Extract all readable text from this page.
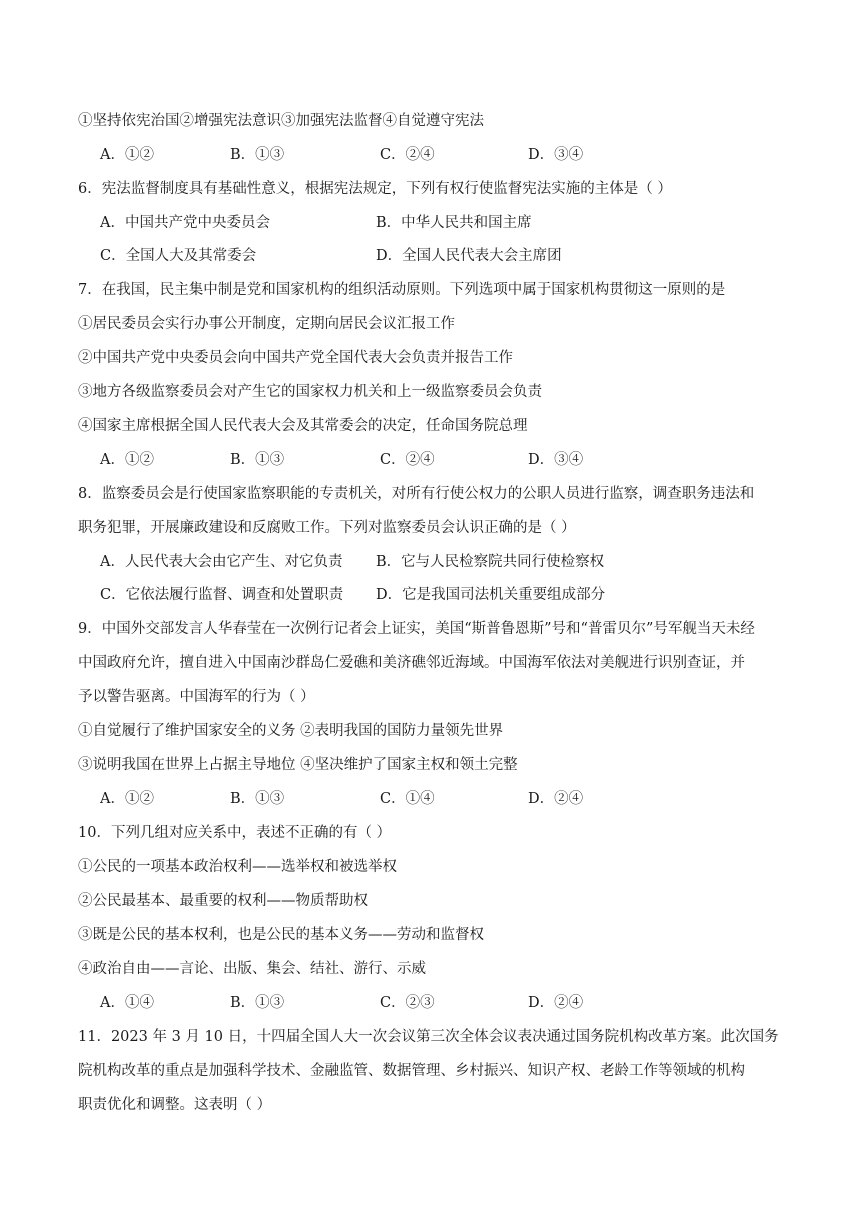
①坚持依宪治国②增强宪法意识③加强宪法监督④自觉遵守宪法
A．①②	B．①③	C．②④	D．③④
6．宪法监督制度具有基础性意义，根据宪法规定，下列有权行使监督宪法实施的主体是（ ）
A．中国共产党中央委员会	B．中华人民共和国主席
C．全国人大及其常委会	D．全国人民代表大会主席团
7．在我国，民主集中制是党和国家机构的组织活动原则。下列选项中属于国家机构贯彻这一原则的是
①居民委员会实行办事公开制度，定期向居民会议汇报工作
②中国共产党中央委员会向中国共产党全国代表大会负责并报告工作
③地方各级监察委员会对产生它的国家权力机关和上一级监察委员会负责
④国家主席根据全国人民代表大会及其常委会的决定，任命国务院总理
A．①②	B．①③	C．②④	D．③④
8．监察委员会是行使国家监察职能的专责机关，对所有行使公权力的公职人员进行监察，调查职务违法和
职务犯罪，开展廉政建设和反腐败工作。下列对监察委员会认识正确的是（ ）
A．人民代表大会由它产生、对它负责 B．它与人民检察院共同行使检察权
C．它依法履行监督、调查和处置职责 D．它是我国司法机关重要组成部分
9．中国外交部发言人华春莹在一次例行记者会上证实，美国“斯普鲁恩斯”号和“普雷贝尔”号军舰当天未经
中国政府允许，擅自进入中国南沙群岛仁爱礁和美济礁邻近海域。中国海军依法对美舰进行识别查证，并
予以警告驱离。中国海军的行为（ ）
①自觉履行了维护国家安全的义务 ②表明我国的国防力量领先世界
③说明我国在世界上占据主导地位 ④坚决维护了国家主权和领土完整
A．①②	B．①③	C．①④	D．②④
10．下列几组对应关系中，表述不正确的有（ ）
①公民的一项基本政治权利——选举权和被选举权
②公民最基本、最重要的权利——物质帮助权
③既是公民的基本权利，也是公民的基本义务——劳动和监督权
④政治自由——言论、出版、集会、结社、游行、示威
A．①④	B．①③	C．②③	D．②④
11．2023 年 3 月 10 日，十四届全国人大一次会议第三次全体会议表决通过国务院机构改革方案。此次国务
院机构改革的重点是加强科学技术、金融监管、数据管理、乡村振兴、知识产权、老龄工作等领域的机构
职责优化和调整。这表明（ ）
